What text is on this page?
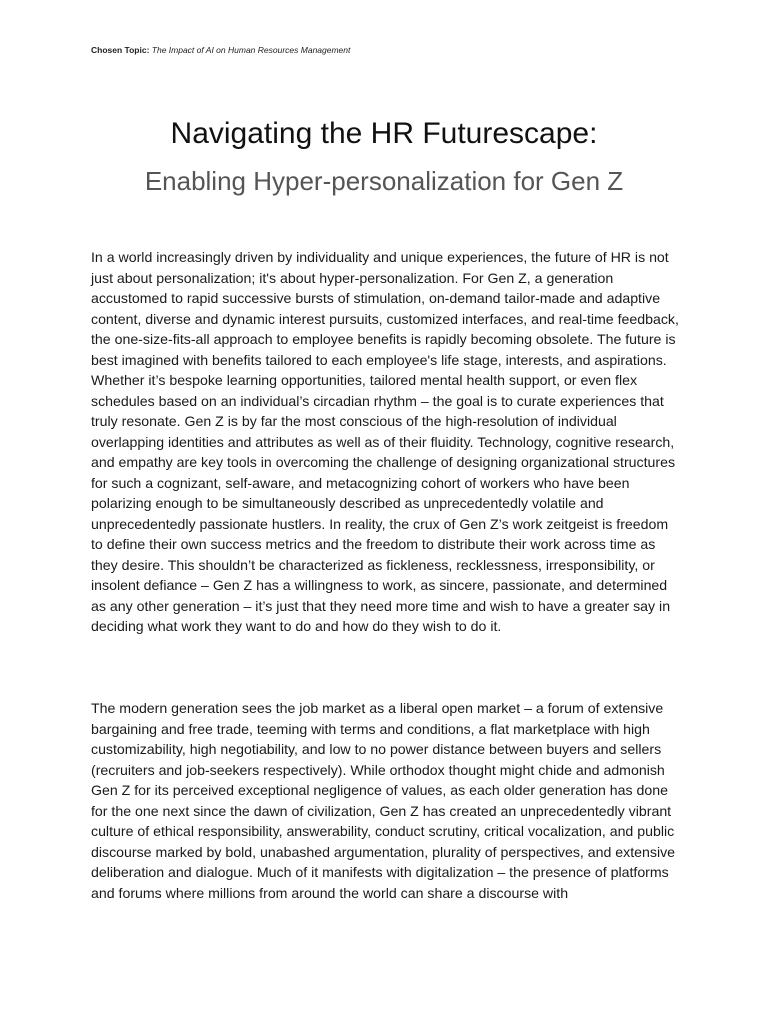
Chosen Topic: The Impact of AI on Human Resources Management
Navigating the HR Futurescape:
Enabling Hyper-personalization for Gen Z

In a world increasingly driven by individuality and unique experiences, the future of HR is not just about personalization; it's about hyper-personalization. For Gen Z, a generation accustomed to rapid successive bursts of stimulation, on-demand tailor-made and adaptive content, diverse and dynamic interest pursuits, customized interfaces, and real-time feedback, the one-size-fits-all approach to employee benefits is rapidly becoming obsolete. The future is best imagined with benefits tailored to each employee's life stage, interests, and aspirations. Whether it’s bespoke learning opportunities, tailored mental health support, or even flex schedules based on an individual’s circadian rhythm – the goal is to curate experiences that truly resonate. Gen Z is by far the most conscious of the high-resolution of individual overlapping identities and attributes as well as of their fluidity. Technology, cognitive research, and empathy are key tools in overcoming the challenge of designing organizational structures for such a cognizant, self-aware, and metacognizing cohort of workers who have been polarizing enough to be simultaneously described as unprecedentedly volatile and unprecedentedly passionate hustlers. In reality, the crux of Gen Z’s work zeitgeist is freedom to define their own success metrics and the freedom to distribute their work across time as they desire. This shouldn’t be characterized as fickleness, recklessness, irresponsibility, or insolent defiance – Gen Z has a willingness to work, as sincere, passionate, and determined as any other generation – it’s just that they need more time and wish to have a greater say in deciding what work they want to do and how do they wish to do it.

The modern generation sees the job market as a liberal open market – a forum of extensive bargaining and free trade, teeming with terms and conditions, a flat marketplace with high customizability, high negotiability, and low to no power distance between buyers and sellers (recruiters and job-seekers respectively). While orthodox thought might chide and admonish Gen Z for its perceived exceptional negligence of values, as each older generation has done for the one next since the dawn of civilization, Gen Z has created an unprecedentedly vibrant culture of ethical responsibility, answerability, conduct scrutiny, critical vocalization, and public discourse marked by bold, unabashed argumentation, plurality of perspectives, and extensive deliberation and dialogue. Much of it manifests with digitalization – the presence of platforms and forums where millions from around the world can share a discourse with
